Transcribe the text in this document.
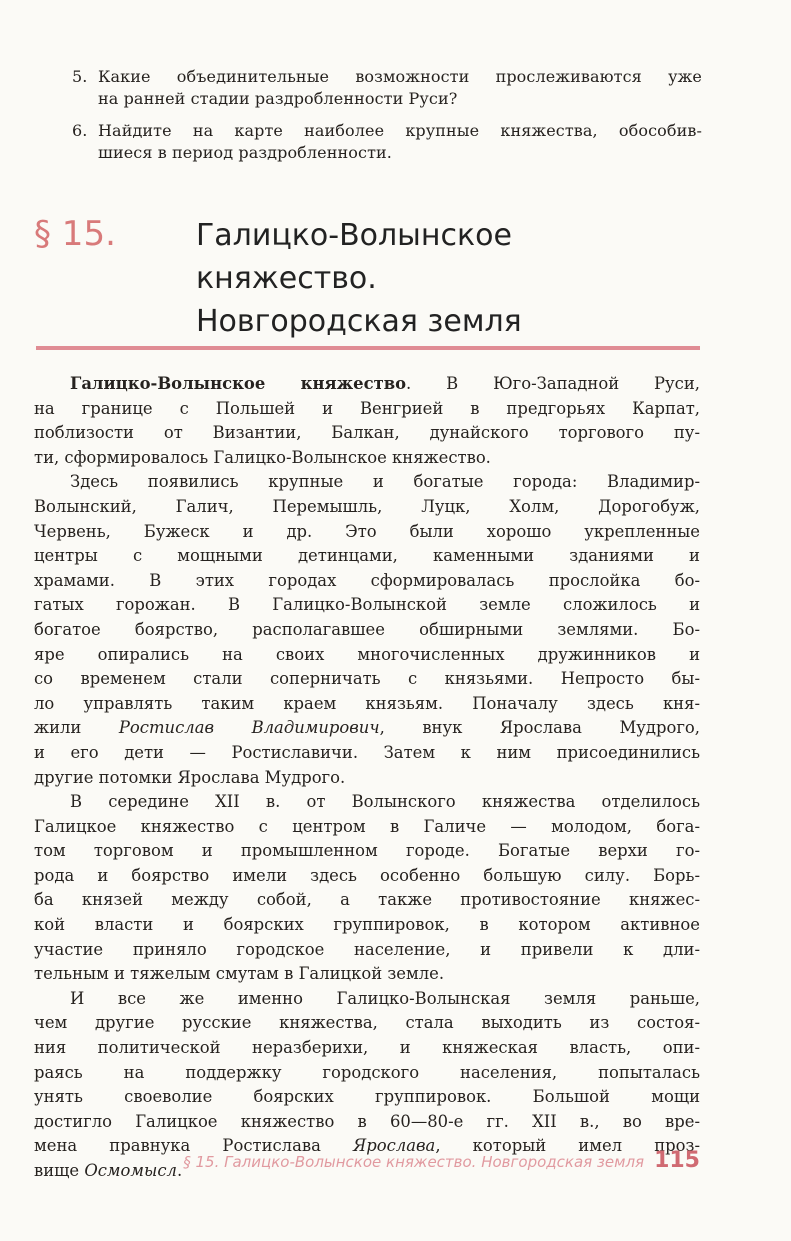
5. Какие объединительные возможности прослеживаются уже
на ранней стадии раздробленности Руси?
6. Найдите на карте наиболее крупные княжества, обособив-
шиеся в период раздробленности.
§ 15.	Галицко-Волынское
княжество.
Новгородская земля
Галицко-Волынское княжество. В Юго-Западной Руси,
на границе с Польшей и Венгрией в предгорьях Карпат,
поблизости от Византии, Балкан, дунайского торгового пу-
ти, сформировалось Галицко-Волынское княжество.
Здесь появились крупные и богатые города: Владимир-
Волынский, Галич, Перемышль, Луцк, Холм, Дорогобуж,
Червень, Бужеск и др. Это были хорошо укрепленные
центры с мощными детинцами, каменными зданиями и
храмами. В этих городах сформировалась прослойка бо-
гатых горожан. В Галицко-Волынской земле сложилось и
богатое боярство, располагавшее обширными землями. Бо-
яре опирались на своих многочисленных дружинников и
со временем стали соперничать с князьями. Непросто бы-
ло управлять таким краем князьям. Поначалу здесь кня-
жили Ростислав Владимирович, внук Ярослава Мудрого,
и его дети — Ростиславичи. Затем к ним присоединились
другие потомки Ярослава Мудрого.
В середине XII в. от Волынского княжества отделилось
Галицкое княжество с центром в Галиче — молодом, бога-
том торговом и промышленном городе. Богатые верхи го-
рода и боярство имели здесь особенно большую силу. Борь-
ба князей между собой, а также противостояние княжес-
кой власти и боярских группировок, в котором активное
участие приняло городское население, и привели к дли-
тельным и тяжелым смутам в Галицкой земле.
И все же именно Галицко-Волынская земля раньше,
чем другие русские княжества, стала выходить из состоя-
ния политической неразберихи, и княжеская власть, опи-
раясь на поддержку городского населения, попыталась
унять своеволие боярских группировок. Большой мощи
достигло Галицкое княжество в 60—80-е гг. XII в., во вре-
мена правнука Ростислава Ярослава, который имел проз-
вище Осмомысл. § 15. Галицко-Волынское княжество. Новгородская земля 115
